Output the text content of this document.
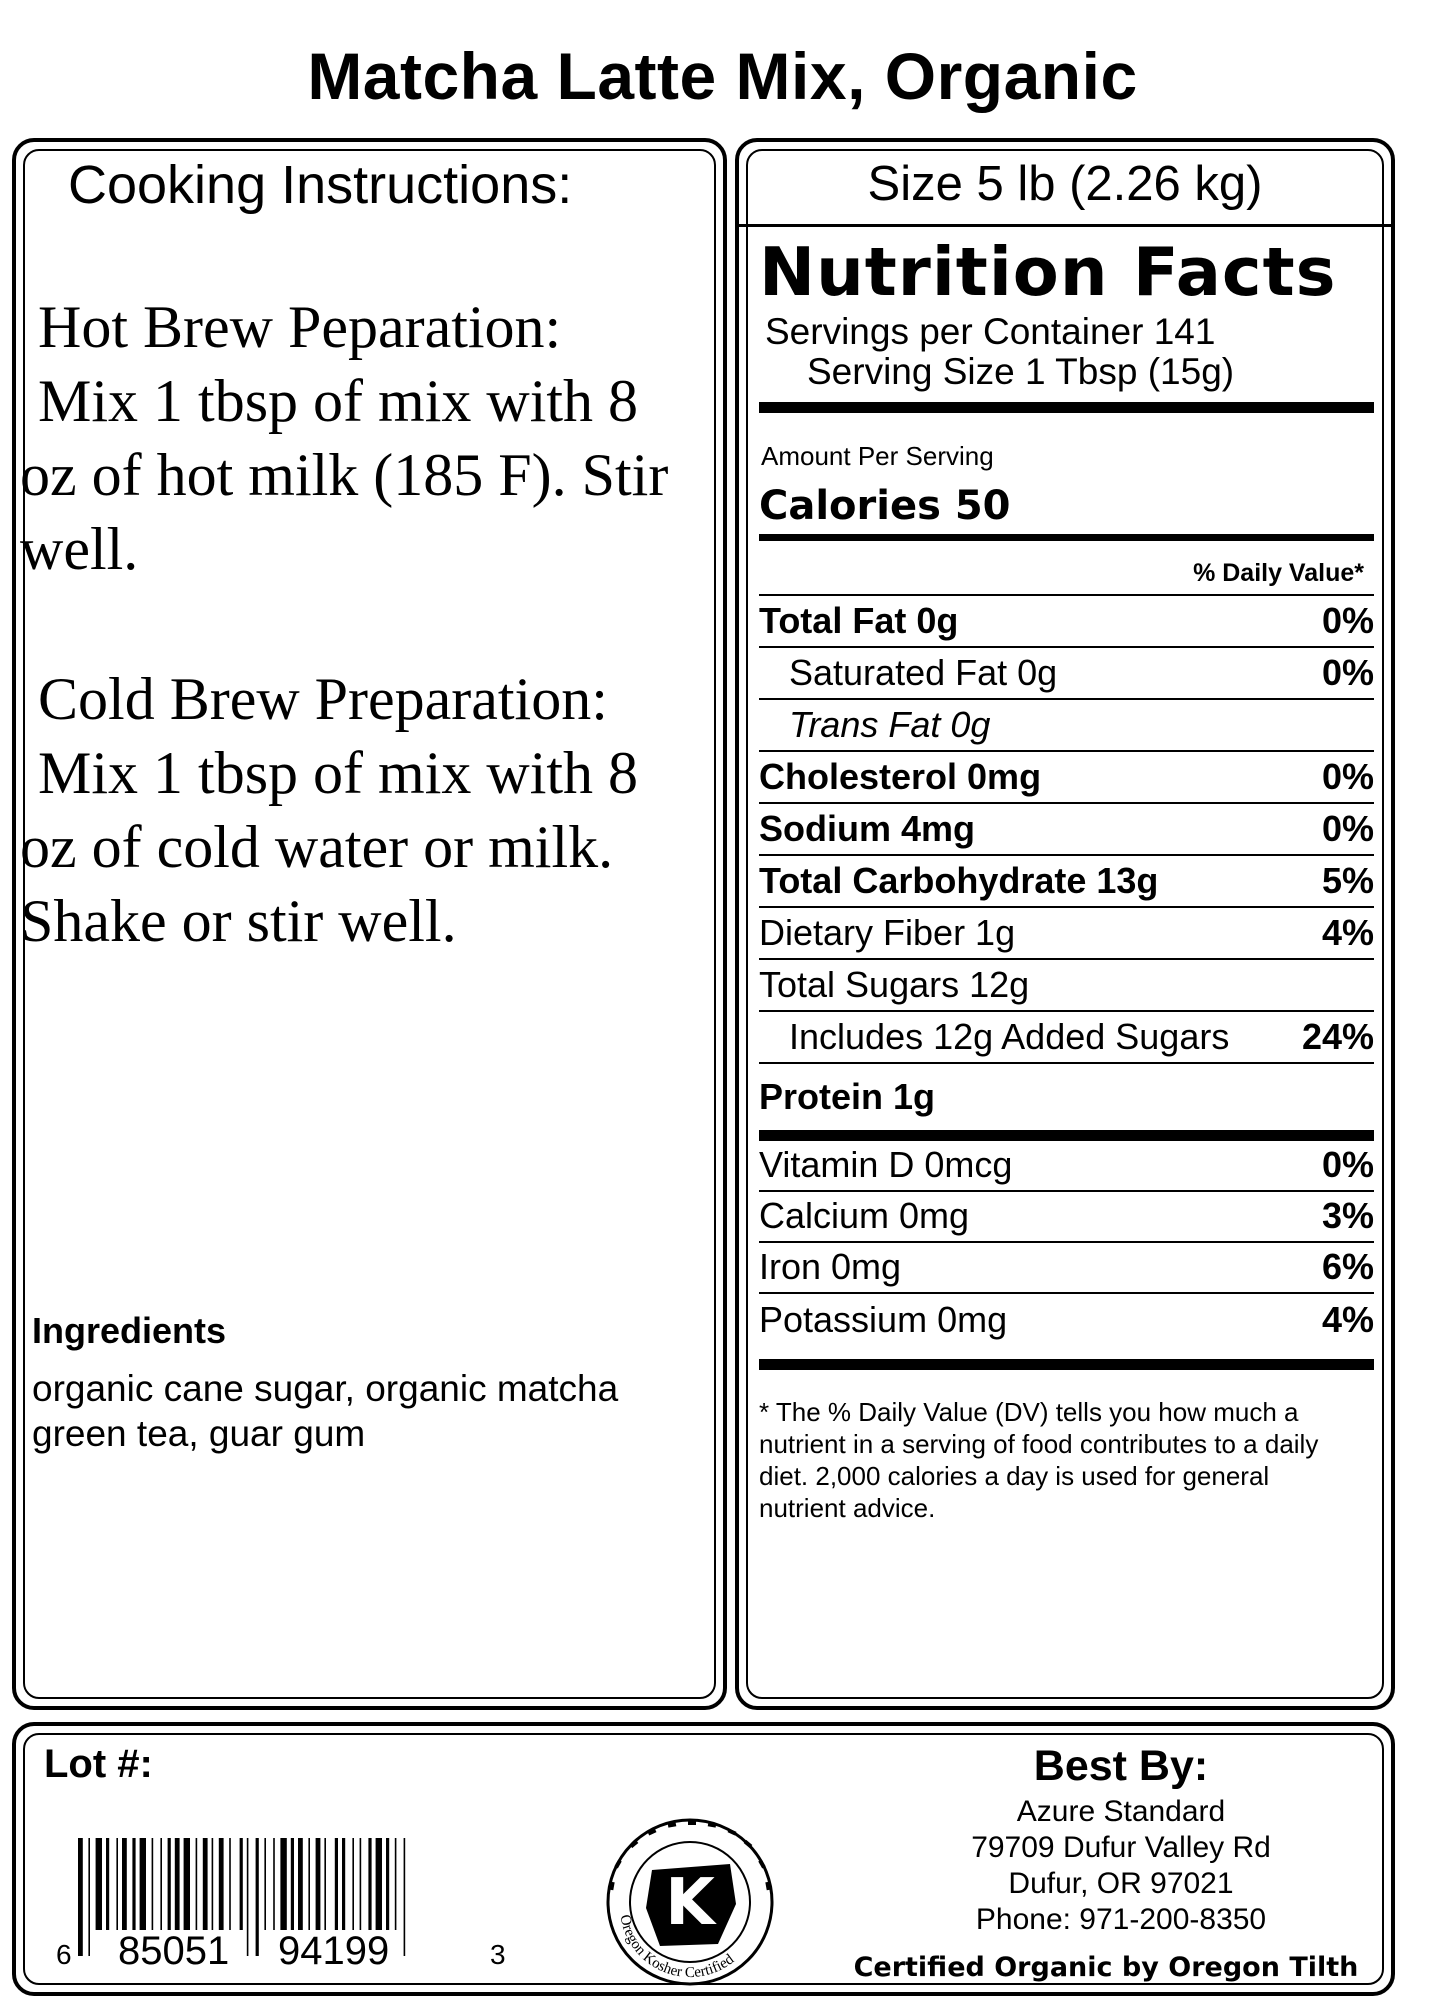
Matcha Latte Mix, Organic
Cooking Instructions:
Hot Brew Peparation:
Mix 1 tbsp of mix with 8
oz of hot milk (185 F). Stir well.
Cold Brew Preparation:
Mix 1 tbsp of mix with 8
oz of cold water or milk. Shake or stir well.
Ingredients
organic cane sugar, organic matcha green tea, guar gum
Size 5 lb (2.26 kg)
Nutrition Facts
Servings per Container 141
Serving Size 1 Tbsp (15g)
Amount Per Serving
Calories 50
% Daily Value*
Total Fat 0g	0%
Saturated Fat 0g	0%
Trans Fat 0g
Cholesterol 0mg	0%
Sodium 4mg	0%
Total Carbohydrate 13g	5%
Dietary Fiber 1g	4%
Total Sugars 12g
Includes 12g Added Sugars 24%
Protein 1g
Vitamin D 0mcg	0%
Calcium 0mg	3%
Iron 0mg	6%
Potassium 0mg	4%
* The % Daily Value (DV) tells you how much a nutrient in a serving of food contributes to a daily diet. 2,000 calories a day is used for general nutrient advice.
Lot #:
6 85051 94199	3
K
Oregon Kosher Certified
Best By:
Azure Standard
79709 Dufur Valley Rd
Dufur, OR 97021
Phone: 971-200-8350
Certified Organic by Oregon Tilth
